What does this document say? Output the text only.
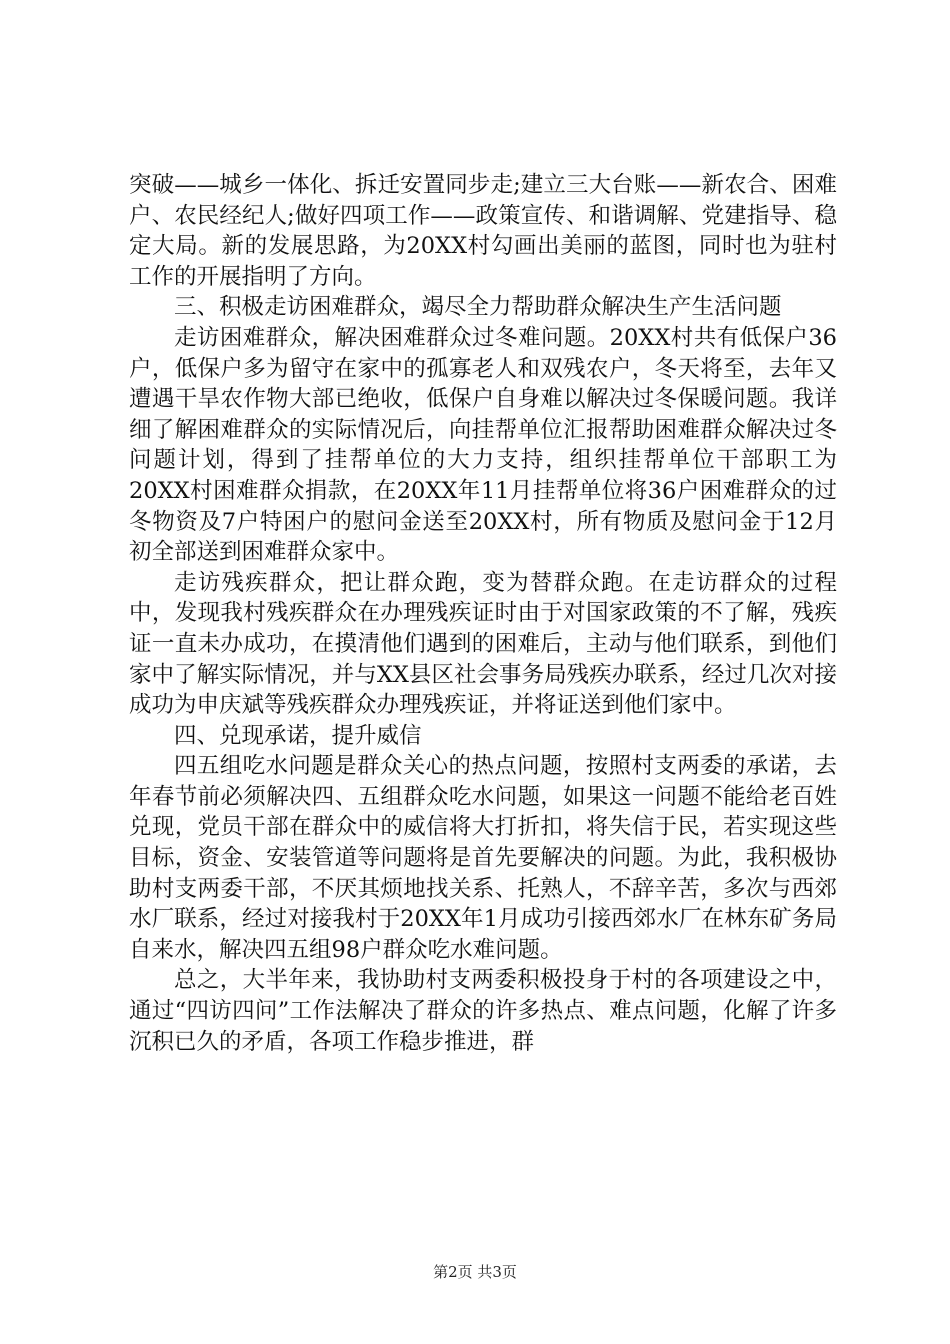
突破——城乡一体化、拆迁安置同步走;建立三大台账——新农合、困难户、农民经纪人;做好四项工作——政策宣传、和谐调解、党建指导、稳定大局。新的发展思路，为20XX村勾画出美丽的蓝图，同时也为驻村工作的开展指明了方向。

三、积极走访困难群众，竭尽全力帮助群众解决生产生活问题

走访困难群众，解决困难群众过冬难问题。20XX村共有低保户36户，低保户多为留守在家中的孤寡老人和双残农户，冬天将至，去年又遭遇干旱农作物大部已绝收，低保户自身难以解决过冬保暖问题。我详细了解困难群众的实际情况后，向挂帮单位汇报帮助困难群众解决过冬问题计划，得到了挂帮单位的大力支持，组织挂帮单位干部职工为20XX村困难群众捐款，在20XX年11月挂帮单位将36户困难群众的过冬物资及7户特困户的慰问金送至20XX村，所有物质及慰问金于12月初全部送到困难群众家中。

走访残疾群众，把让群众跑，变为替群众跑。在走访群众的过程中，发现我村残疾群众在办理残疾证时由于对国家政策的不了解，残疾证一直未办成功，在摸清他们遇到的困难后，主动与他们联系，到他们家中了解实际情况，并与XX县区社会事务局残疾办联系，经过几次对接成功为申庆斌等残疾群众办理残疾证，并将证送到他们家中。

四、兑现承诺，提升威信

四五组吃水问题是群众关心的热点问题，按照村支两委的承诺，去年春节前必须解决四、五组群众吃水问题，如果这一问题不能给老百姓兑现，党员干部在群众中的威信将大打折扣，将失信于民，若实现这些目标，资金、安装管道等问题将是首先要解决的问题。为此，我积极协助村支两委干部，不厌其烦地找关系、托熟人，不辞辛苦，多次与西郊水厂联系，经过对接我村于20XX年1月成功引接西郊水厂在林东矿务局自来水，解决四五组98户群众吃水难问题。

总之，大半年来，我协助村支两委积极投身于村的各项建设之中，通过“四访四问”工作法解决了群众的许多热点、难点问题，化解了许多沉积已久的矛盾，各项工作稳步推进，群

第2页 共3页
